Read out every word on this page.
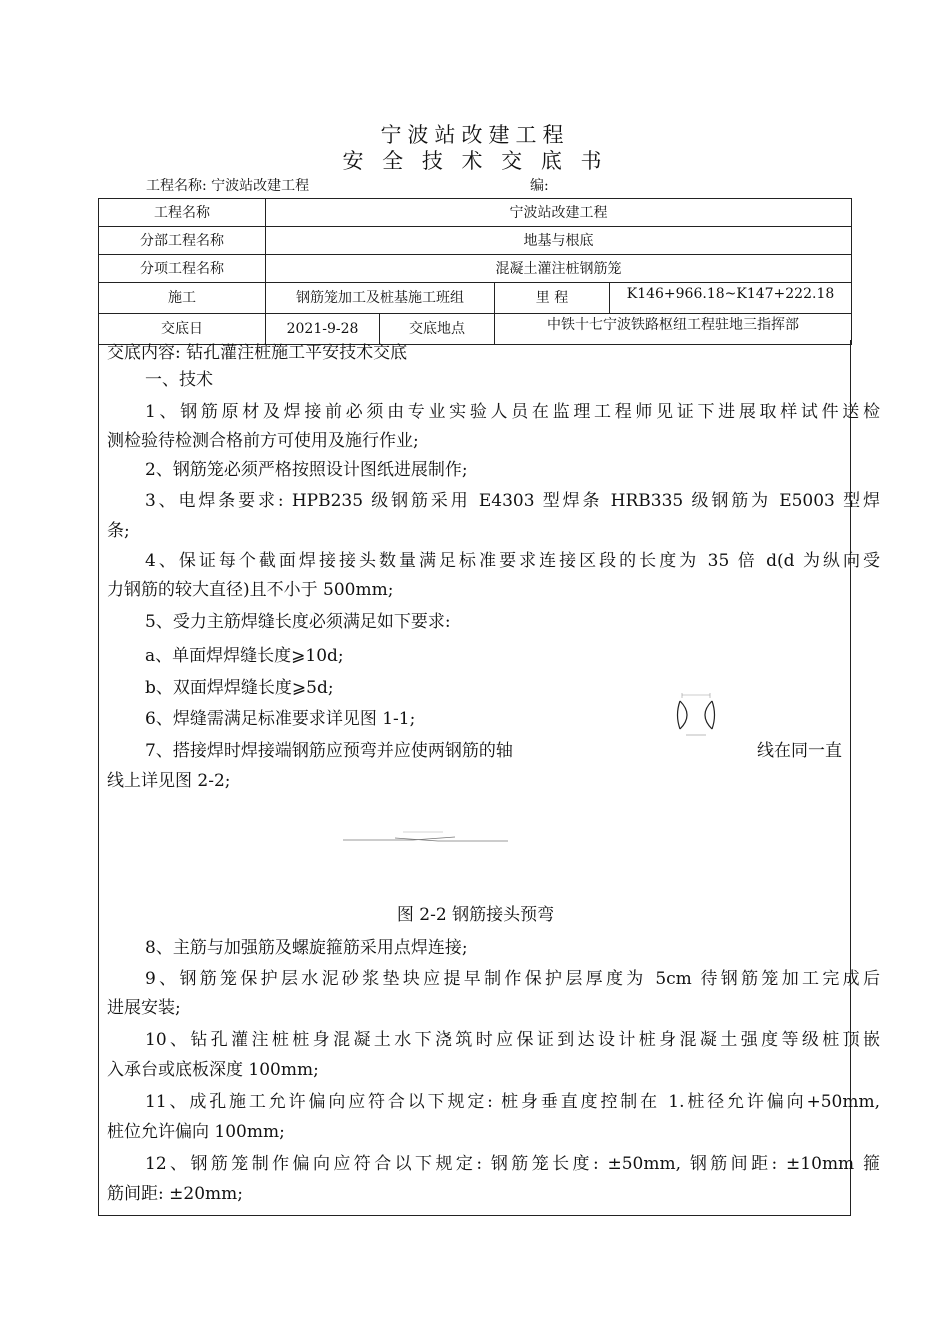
宁波站改建工程
安 全 技 术 交 底 书
工程名称: 宁波站改建工程	编:
工程名称	宁波站改建工程			
分部工程名称	地基与根底			
分项工程名称	混凝土灌注桩钢筋笼			
施工	钢筋笼加工及桩基施工班组		里 程	K146+966.18~K147+222.18
交底日	2021-9-28	交底地点	中铁十七宁波铁路枢纽工程驻地三指挥部	
交底内容: 钻孔灌注桩施工平安技术交底
一、技术
1、钢筋原材及焊接前必须由专业实验人员在监理工程师见证下进展取样试件送检
测检验待检测合格前方可使用及施行作业;
2、钢筋笼必须严格按照设计图纸进展制作;
3、电焊条要求: HPB235 级钢筋采用 E4303 型焊条 HRB335 级钢筋为 E5003 型焊
条;
4、保证每个截面焊接接头数量满足标准要求连接区段的长度为 35 倍 d(d 为纵向受
力钢筋的较大直径)且不小于 500mm;
5、受力主筋焊缝长度必须满足如下要求:
a、单面焊焊缝长度⩾10d;
b、双面焊焊缝长度⩾5d;
6、焊缝需满足标准要求详见图 1-1;
7、搭接焊时焊接端钢筋应预弯并应使两钢筋的轴	线在同一直
线上详见图 2-2;
图 2-2 钢筋接头预弯
8、主筋与加强筋及螺旋箍筋采用点焊连接;
9、钢筋笼保护层水泥砂浆垫块应提早制作保护层厚度为 5cm 待钢筋笼加工完成后
进展安装;
10、钻孔灌注桩桩身混凝土水下浇筑时应保证到达设计桩身混凝土强度等级桩顶嵌
入承台或底板深度 100mm;
11、成孔施工允许偏向应符合以下规定: 桩身垂直度控制在 1.桩径允许偏向+50mm,
桩位允许偏向 100mm;
12、钢筋笼制作偏向应符合以下规定: 钢筋笼长度: ±50mm, 钢筋间距: ±10mm 箍
筋间距: ±20mm;
